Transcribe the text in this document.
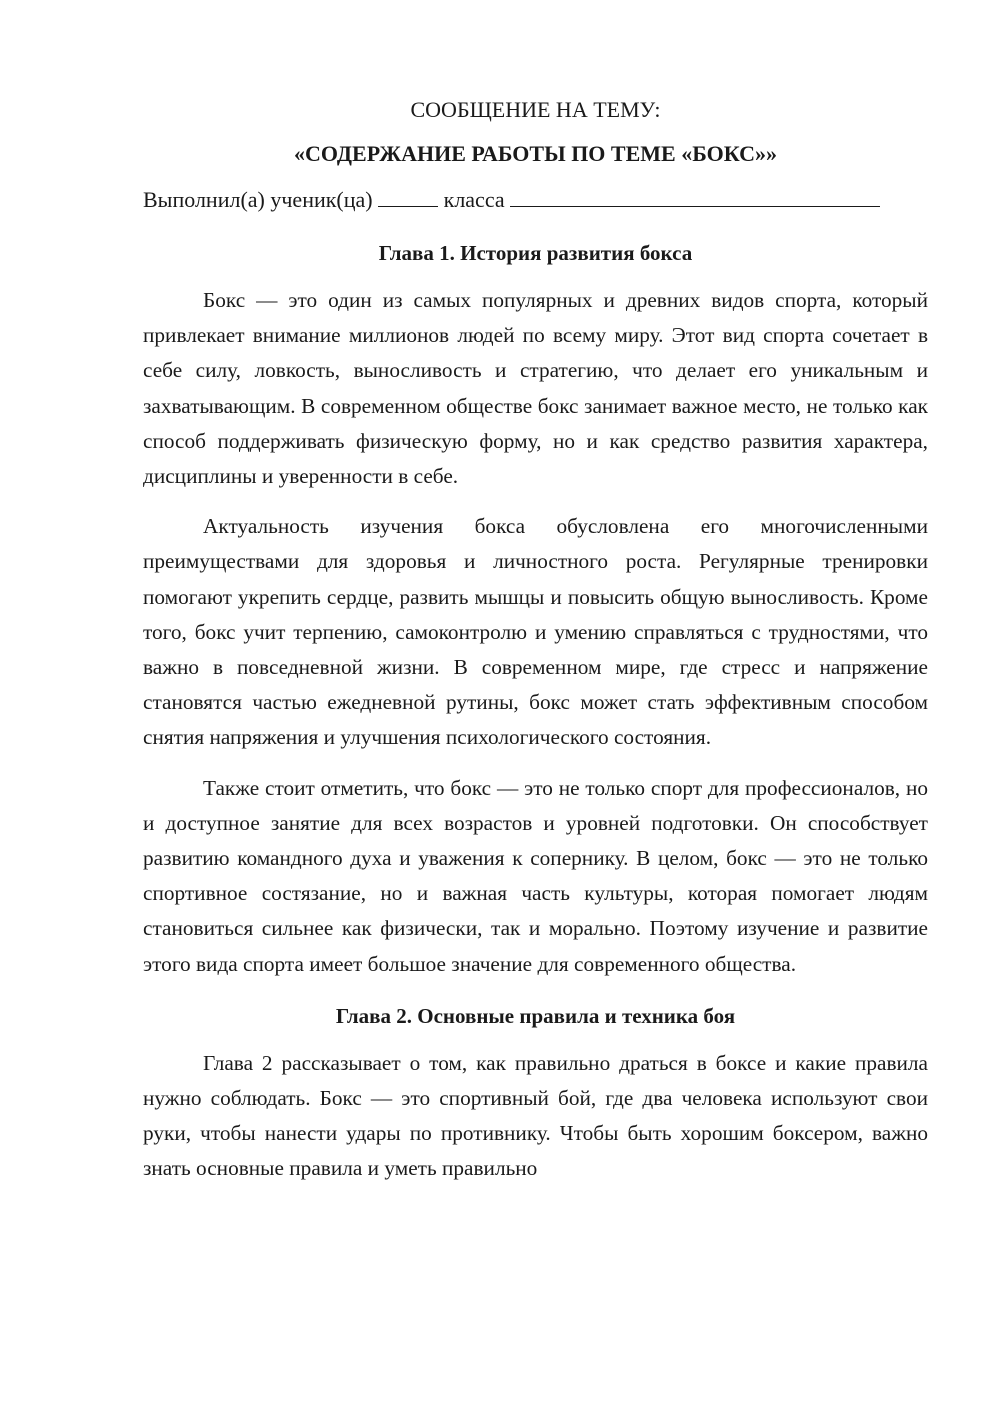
СООБЩЕНИЕ НА ТЕМУ:

«СОДЕРЖАНИЕ РАБОТЫ ПО ТЕМЕ «БОКС»»

Выполнил(а) ученик(ца)	класса

Глава 1. История развития бокса

Бокс — это один из самых популярных и древних видов спорта, который привлекает внимание миллионов людей по всему миру. Этот вид спорта сочетает в себе силу, ловкость, выносливость и стратегию, что делает его уникальным и захватывающим. В современном обществе бокс занимает важное место, не только как способ поддерживать физическую форму, но и как средство развития характера, дисциплины и уверенности в себе.

Актуальность изучения бокса обусловлена его многочисленными преимуществами для здоровья и личностного роста. Регулярные тренировки помогают укрепить сердце, развить мышцы и повысить общую выносливость. Кроме того, бокс учит терпению, самоконтролю и умению справляться с трудностями, что важно в повседневной жизни. В современном мире, где стресс и напряжение становятся частью ежедневной рутины, бокс может стать эффективным способом снятия напряжения и улучшения психологического состояния.

Также стоит отметить, что бокс — это не только спорт для профессионалов, но и доступное занятие для всех возрастов и уровней подготовки. Он способствует развитию командного духа и уважения к сопернику. В целом, бокс — это не только спортивное состязание, но и важная часть культуры, которая помогает людям становиться сильнее как физически, так и морально. Поэтому изучение и развитие этого вида спорта имеет большое значение для современного общества.

Глава 2. Основные правила и техника боя

Глава 2 рассказывает о том, как правильно драться в боксе и какие правила нужно соблюдать. Бокс — это спортивный бой, где два человека используют свои руки, чтобы нанести удары по противнику. Чтобы быть хорошим боксером, важно знать основные правила и уметь правильно
